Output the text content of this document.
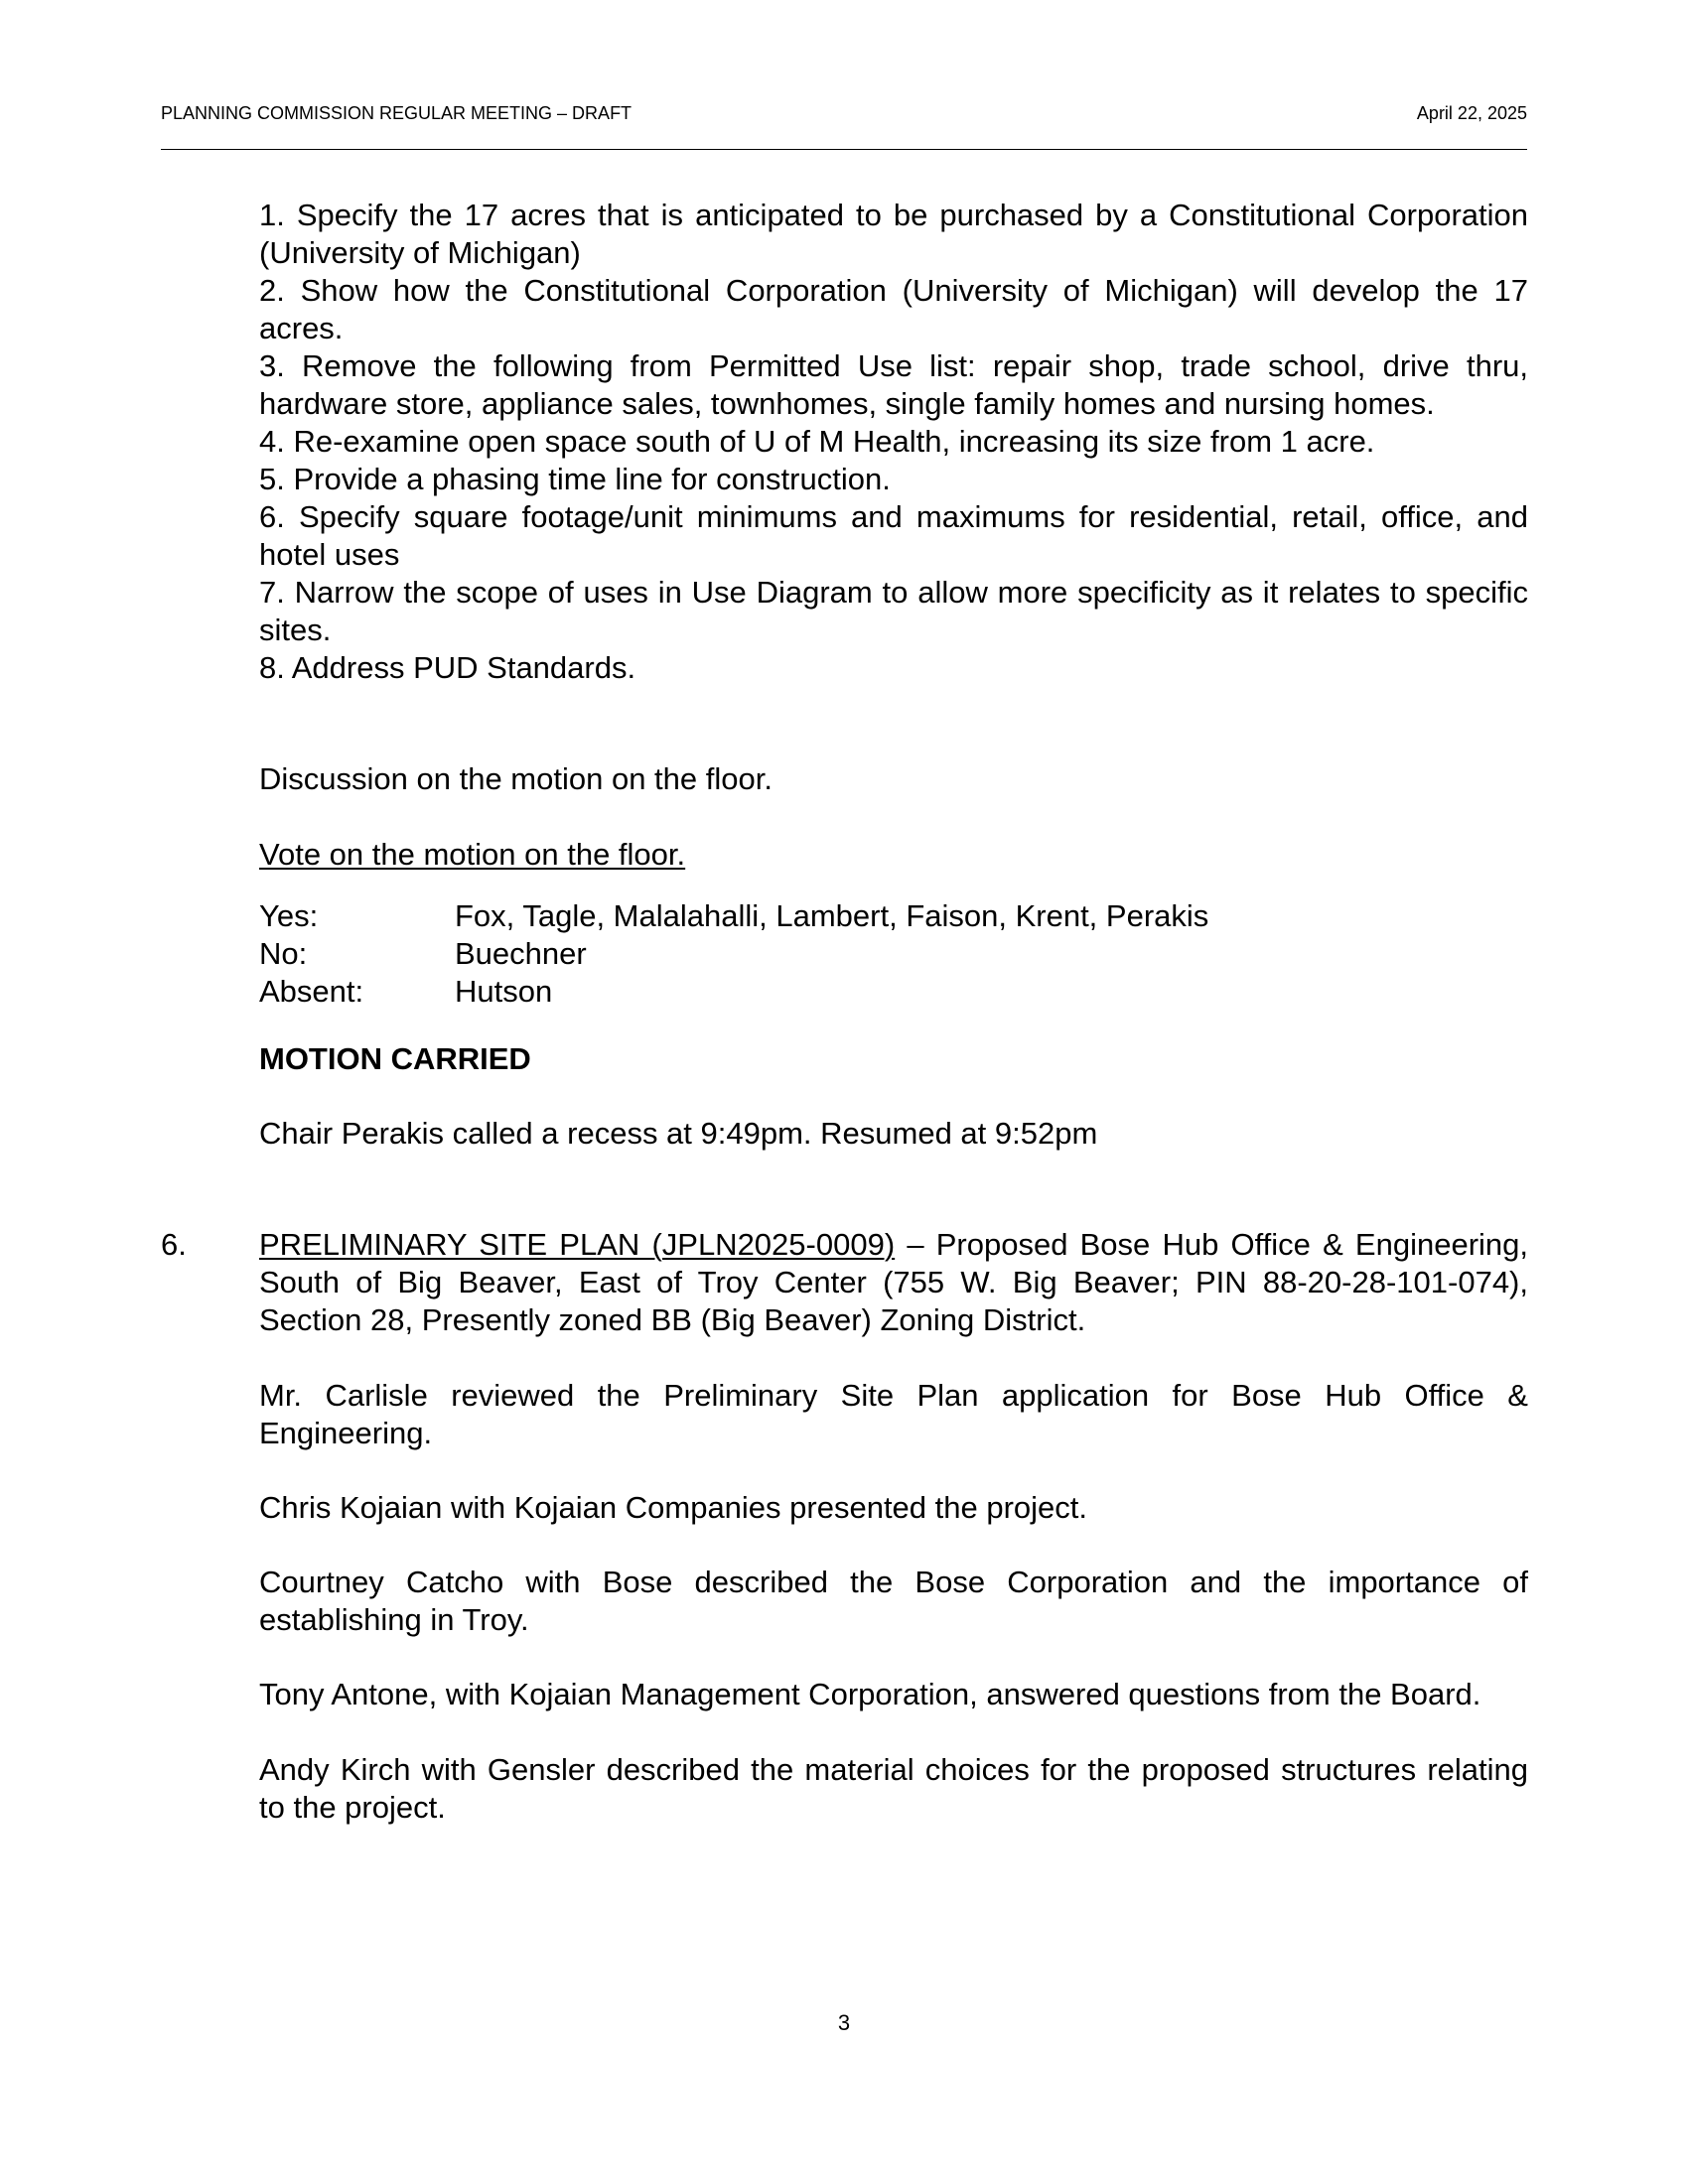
PLANNING COMMISSION REGULAR MEETING – DRAFT	April 22, 2025

1. Specify the 17 acres that is anticipated to be purchased by a Constitutional Corporation (University of Michigan)

2. Show how the Constitutional Corporation (University of Michigan) will develop the 17 acres.

3. Remove the following from Permitted Use list: repair shop, trade school, drive thru, hardware store, appliance sales, townhomes, single family homes and nursing homes.

4. Re-examine open space south of U of M Health, increasing its size from 1 acre.

5. Provide a phasing time line for construction.

6. Specify square footage/unit minimums and maximums for residential, retail, office, and hotel uses

7. Narrow the scope of uses in Use Diagram to allow more specificity as it relates to specific sites.

8. Address PUD Standards.

Discussion on the motion on the floor.
Vote on the motion on the floor.
Yes:	Fox, Tagle, Malalahalli, Lambert, Faison, Krent, Perakis
No:	Buechner
Absent:	Hutson
MOTION CARRIED
Chair Perakis called a recess at 9:49pm. Resumed at 9:52pm
6. PRELIMINARY SITE PLAN (JPLN2025-0009) – Proposed Bose Hub Office & Engineering, South of Big Beaver, East of Troy Center (755 W. Big Beaver; PIN 88-20-28-101-074), Section 28, Presently zoned BB (Big Beaver) Zoning District.
Mr. Carlisle reviewed the Preliminary Site Plan application for Bose Hub Office & Engineering.
Chris Kojaian with Kojaian Companies presented the project.
Courtney Catcho with Bose described the Bose Corporation and the importance of establishing in Troy.
Tony Antone, with Kojaian Management Corporation, answered questions from the Board.
Andy Kirch with Gensler described the material choices for the proposed structures relating to the project.
3
